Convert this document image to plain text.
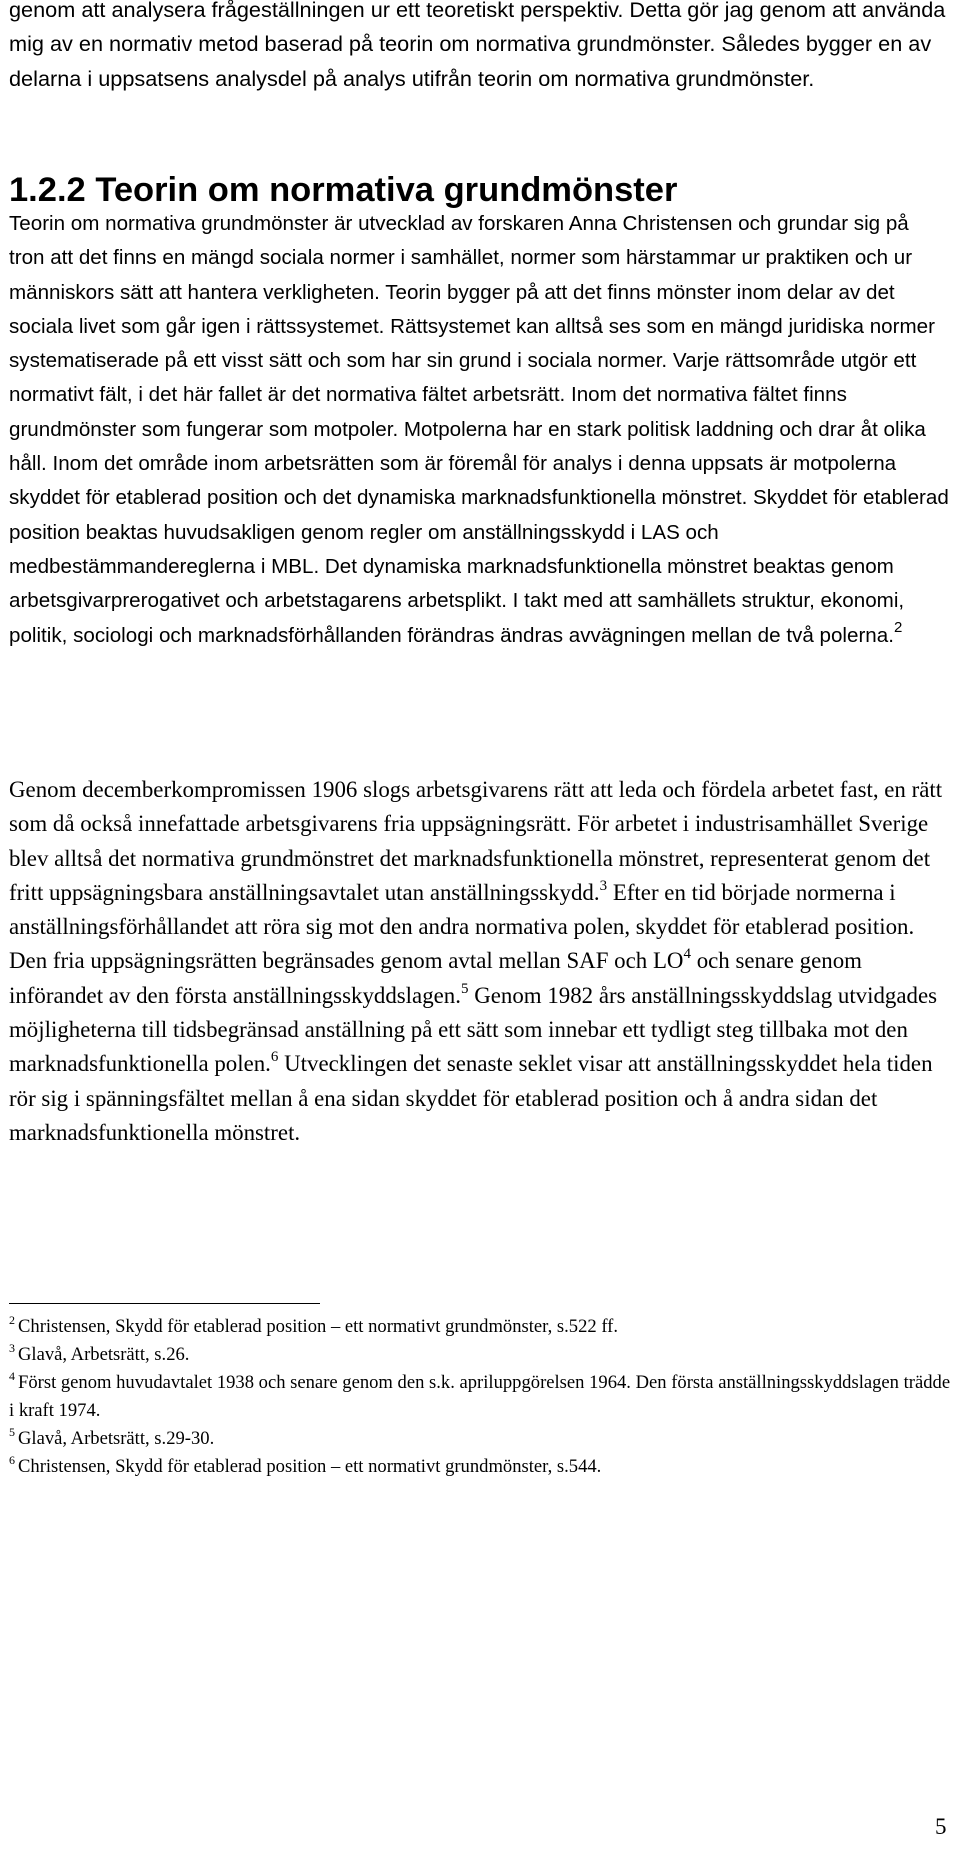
genom att analysera frågeställningen ur ett teoretiskt perspektiv. Detta gör jag genom att använda mig av en normativ metod baserad på teorin om normativa grundmönster. Således bygger en av delarna i uppsatsens analysdel på analys utifrån teorin om normativa grundmönster.

1.2.2 Teorin om normativa grundmönster

Teorin om normativa grundmönster är utvecklad av forskaren Anna Christensen och grundar sig på tron att det finns en mängd sociala normer i samhället, normer som härstammar ur praktiken och ur människors sätt att hantera verkligheten. Teorin bygger på att det finns mönster inom delar av det sociala livet som går igen i rättssystemet. Rättsystemet kan alltså ses som en mängd juridiska normer systematiserade på ett visst sätt och som har sin grund i sociala normer. Varje rättsområde utgör ett normativt fält, i det här fallet är det normativa fältet arbetsrätt. Inom det normativa fältet finns grundmönster som fungerar som motpoler. Motpolerna har en stark politisk laddning och drar åt olika håll. Inom det område inom arbetsrätten som är föremål för analys i denna uppsats är motpolerna skyddet för etablerad position och det dynamiska marknadsfunktionella mönstret. Skyddet för etablerad position beaktas huvudsakligen genom regler om anställningsskydd i LAS och medbestämmandereglerna i MBL. Det dynamiska marknadsfunktionella mönstret beaktas genom arbetsgivarprerogativet och arbetstagarens arbetsplikt. I takt med att samhällets struktur, ekonomi, politik, sociologi och marknadsförhållanden förändras ändras avvägningen mellan de två polerna.$^2$

Genom decemberkompromissen 1906 slogs arbetsgivarens rätt att leda och fördela arbetet fast, en rätt som då också innefattade arbetsgivarens fria uppsägningsrätt. För arbetet i industrisamhället Sverige blev alltså det normativa grundmönstret det marknadsfunktionella mönstret, representerat genom det fritt uppsägningsbara anställningsavtalet utan anställningsskydd.$^3$ Efter en tid började normerna i anställningsförhållandet att röra sig mot den andra normativa polen, skyddet för etablerad position. Den fria uppsägningsrätten begränsades genom avtal mellan SAF och $LO^4$ och senare genom införandet av den första anställningsskyddslagen.$^5$ Genom 1982 års anställningsskyddslag utvidgades möjligheterna till tidsbegränsad anställning på ett sätt som innebar ett tydligt steg tillbaka mot den marknadsfunktionella polen.$^6$ Utvecklingen det senaste seklet visar att anställningsskyddet hela tiden rör sig i spänningsfältet mellan å ena sidan skyddet för etablerad position och å andra sidan det marknadsfunktionella mönstret.

$^2$ Christensen, Skydd för etablerad position – ett normativt grundmönster, s.522 ff.
$^3$ Glavå, Arbetsrätt, s.26.
$^4$ Först genom huvudavtalet 1938 och senare genom den s.k. apriluppgörelsen 1964. Den första anställningsskyddslagen trädde i kraft 1974.
$^5$ Glavå, Arbetsrätt, s.29-30.
$^6$ Christensen, Skydd för etablerad position – ett normativt grundmönster, s.544.
5
